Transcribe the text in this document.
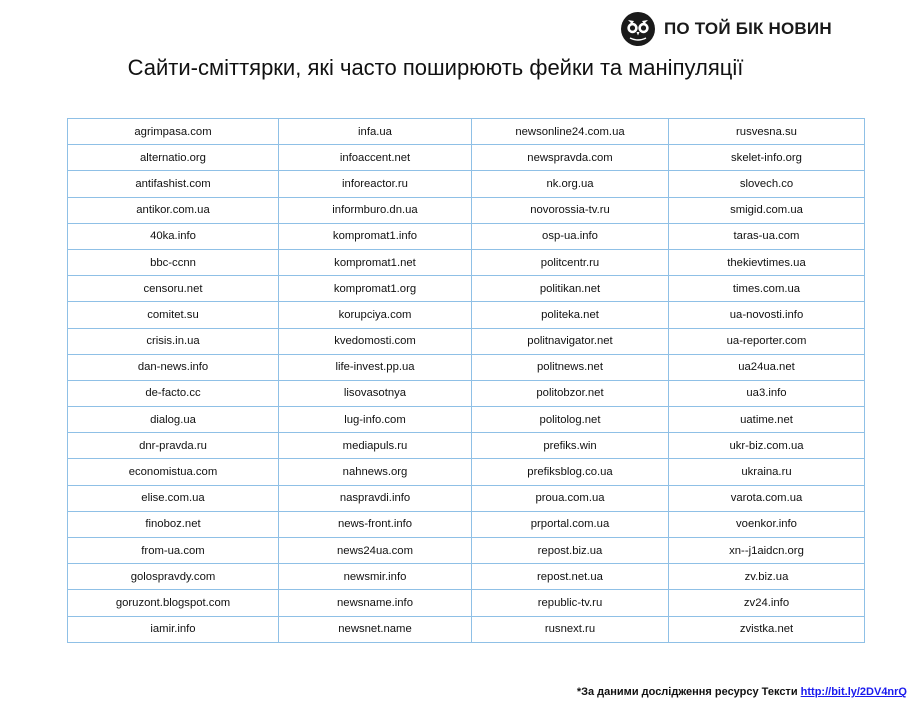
ПО ТОЙ БІК НОВИН
Сайти-сміттярки, які часто поширюють фейки та маніпуляції
agrimpasa.com	infa.ua	newsonline24.com.ua	rusvesna.su
alternatio.org	infoaccent.net	newspravda.com	skelet-info.org
antifashist.com	inforeactor.ru	nk.org.ua	slovech.co
antikor.com.ua	informburo.dn.ua	novorossia-tv.ru	smigid.com.ua
40ka.info	kompromat1.info	osp-ua.info	taras-ua.com
bbc-ccnn	kompromat1.net	politcentr.ru	thekievtimes.ua
censoru.net	kompromat1.org	politikan.net	times.com.ua
comitet.su	korupciya.com	politeka.net	ua-novosti.info
crisis.in.ua	kvedomosti.com	politnavigator.net	ua-reporter.com
dan-news.info	life-invest.pp.ua	politnews.net	ua24ua.net
de-facto.cc	lisovasotnya	politobzor.net	ua3.info
dialog.ua	lug-info.com	politolog.net	uatime.net
dnr-pravda.ru	mediapuls.ru	prefiks.win	ukr-biz.com.ua
economistua.com	nahnews.org	prefiksblog.co.ua	ukraina.ru
elise.com.ua	naspravdi.info	proua.com.ua	varota.com.ua
finoboz.net	news-front.info	prportal.com.ua	voenkor.info
from-ua.com	news24ua.com	repost.biz.ua	xn--j1aidcn.org
golospravdy.com	newsmir.info	repost.net.ua	zv.biz.ua
goruzont.blogspot.com	newsname.info	republic-tv.ru	zv24.info
iamir.info	newsnet.name	rusnext.ru	zvistka.net
*За даними дослідження ресурсу Тексти http://bit.ly/2DV4nrQ
